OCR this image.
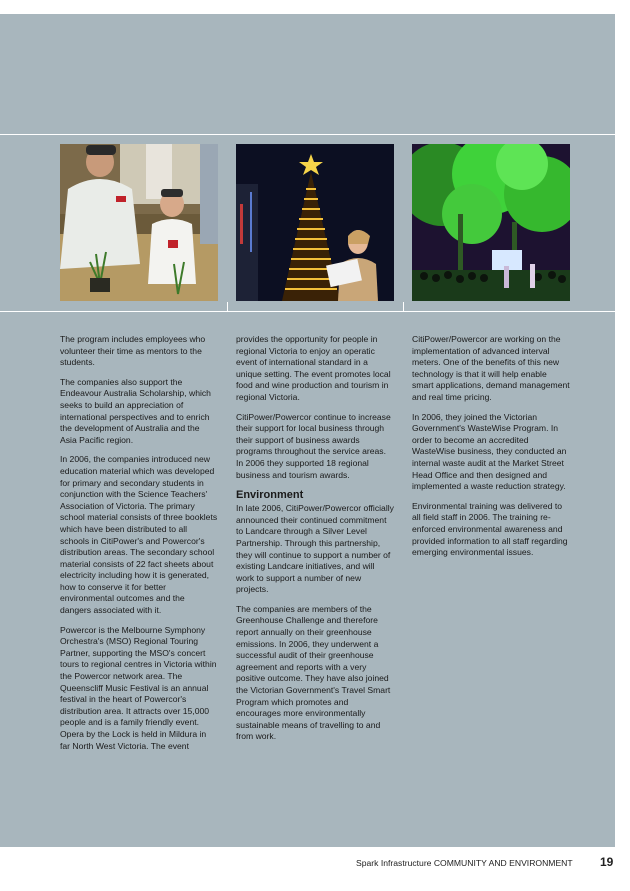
The program includes employees who volunteer their time as mentors to the students.

The companies also support the Endeavour Australia Scholarship, which seeks to build an appreciation of international perspectives and to enrich the development of Australia and the Asia Pacific region.

In 2006, the companies introduced new education material which was developed for primary and secondary students in conjunction with the Science Teachers' Association of Victoria. The primary school material consists of three booklets which have been distributed to all schools in CitiPower's and Powercor's distribution areas. The secondary school material consists of 22 fact sheets about electricity including how it is generated, how to conserve it for better environmental outcomes and the dangers associated with it.

Powercor is the Melbourne Symphony Orchestra's (MSO) Regional Touring Partner, supporting the MSO's concert tours to regional centres in Victoria within the Powercor network area. The Queenscliff Music Festival is an annual festival in the heart of Powercor's distribution area. It attracts over 15,000 people and is a family friendly event. Opera by the Lock is held in Mildura in far North West Victoria. The event

provides the opportunity for people in regional Victoria to enjoy an operatic event of international standard in a unique setting. The event promotes local food and wine production and tourism in regional Victoria.

CitiPower/Powercor continue to increase their support for local business through their support of business awards programs throughout the service areas. In 2006 they supported 18 regional business and tourism awards.

Environment

In late 2006, CitiPower/Powercor officially announced their continued commitment to Landcare through a Silver Level Partnership. Through this partnership, they will continue to support a number of existing Landcare initiatives, and will work to support a number of new projects.

The companies are members of the Greenhouse Challenge and therefore report annually on their greenhouse emissions. In 2006, they underwent a successful audit of their greenhouse agreement and reports with a very positive outcome. They have also joined the Victorian Government's Travel Smart Program which promotes and encourages more environmentally sustainable means of travelling to and from work.

CitiPower/Powercor are working on the implementation of advanced interval meters. One of the benefits of this new technology is that it will help enable smart applications, demand management and real time pricing.

In 2006, they joined the Victorian Government's WasteWise Program. In order to become an accredited WasteWise business, they conducted an internal waste audit at the Market Street Head Office and then designed and implemented a waste reduction strategy.

Environmental training was delivered to all field staff in 2006. The training re-enforced environmental awareness and provided information to all staff regarding emerging environmental issues.

Spark Infrastructure COMMUNITY AND ENVIRONMENT 19
